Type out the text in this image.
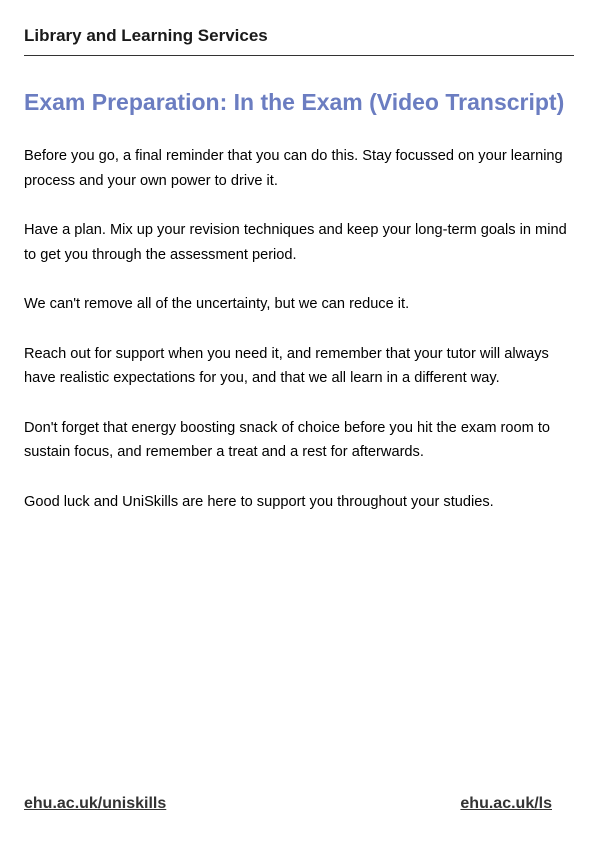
Library and Learning Services
Exam Preparation: In the Exam (Video Transcript)

Before you go, a final reminder that you can do this. Stay focussed on your learning process and your own power to drive it.

Have a plan. Mix up your revision techniques and keep your long-term goals in mind to get you through the assessment period.

We can't remove all of the uncertainty, but we can reduce it.

Reach out for support when you need it, and remember that your tutor will always have realistic expectations for you, and that we all learn in a different way.

Don't forget that energy boosting snack of choice before you hit the exam room to sustain focus, and remember a treat and a rest for afterwards.

Good luck and UniSkills are here to support you throughout your studies.

ehu.ac.uk/uniskills	ehu.ac.uk/ls
